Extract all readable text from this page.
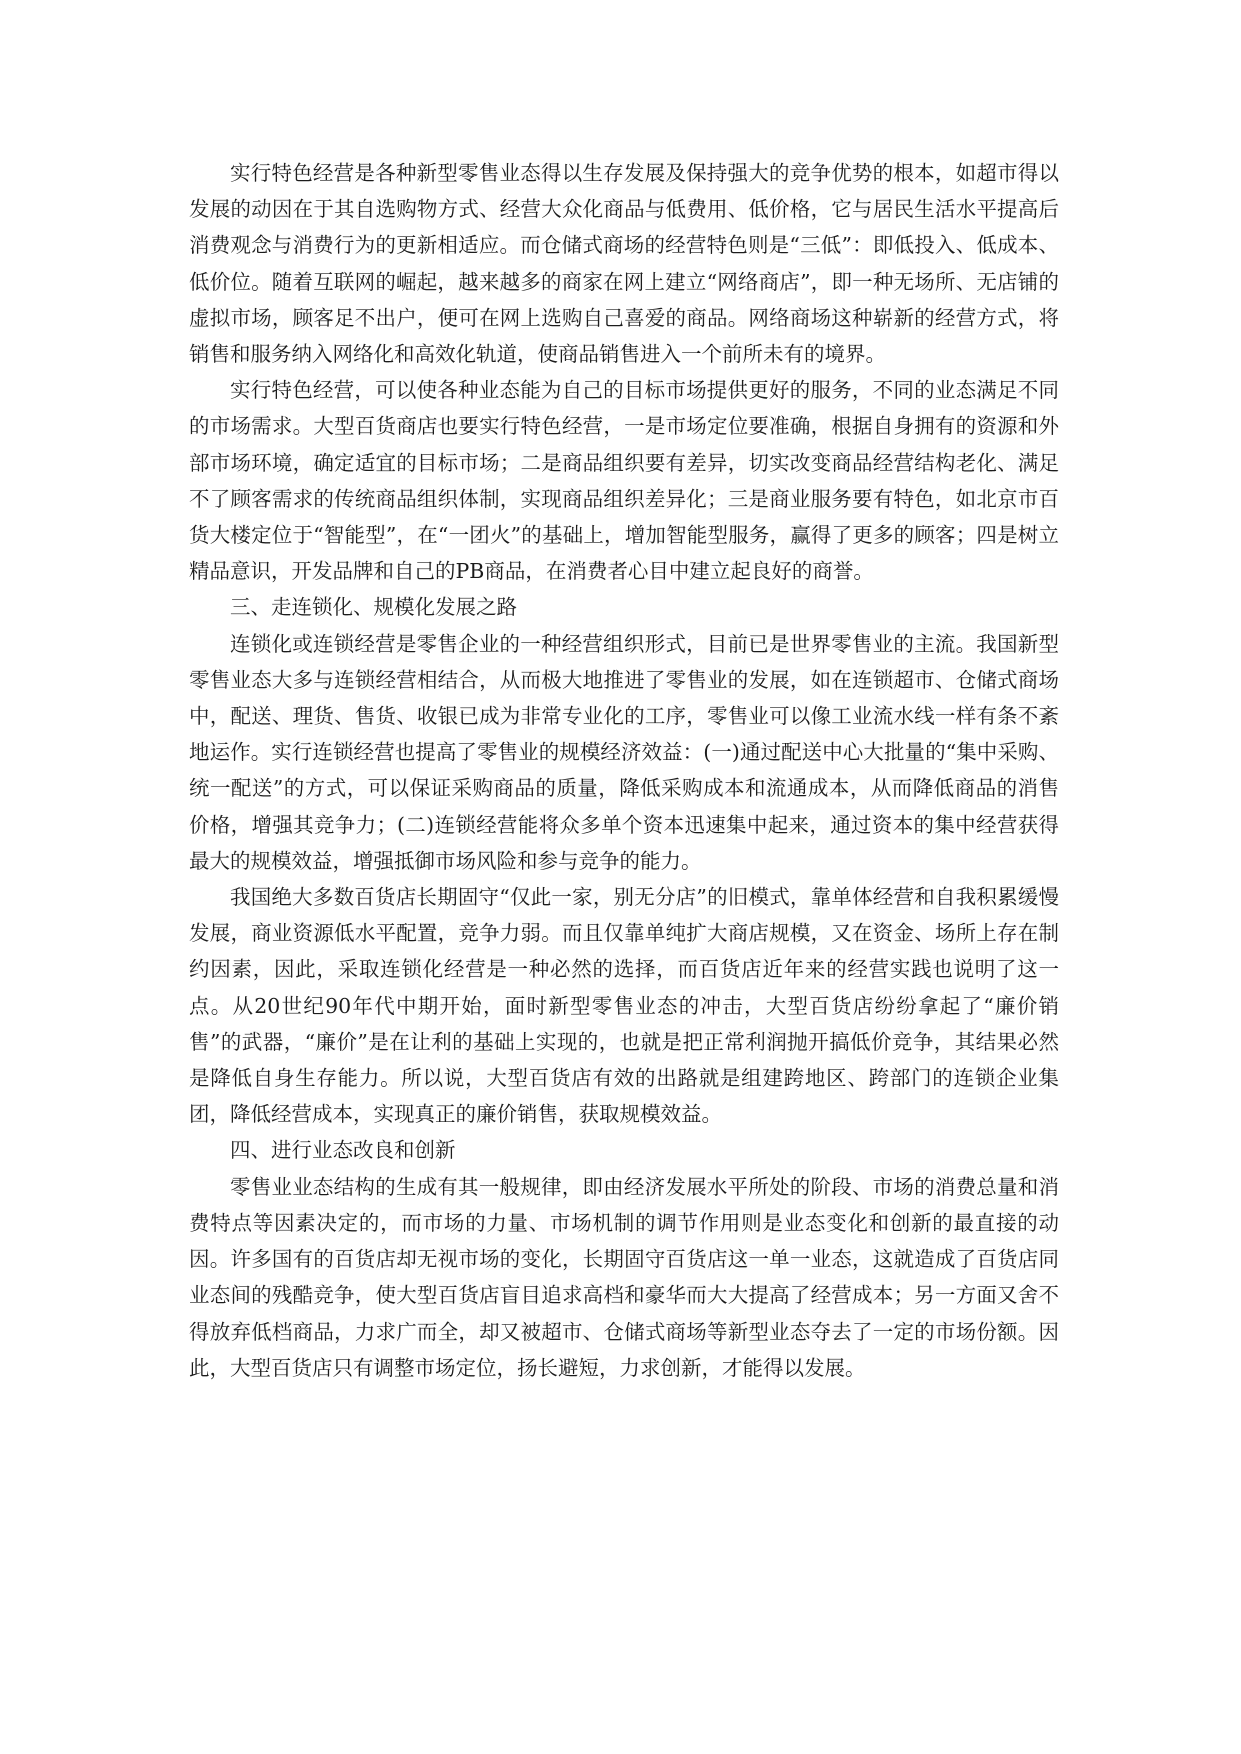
实行特色经营是各种新型零售业态得以生存发展及保持强大的竞争优势的根本，如超市得以发展的动因在于其自选购物方式、经营大众化商品与低费用、低价格，它与居民生活水平提高后消费观念与消费行为的更新相适应。而仓储式商场的经营特色则是“三低”：即低投入、低成本、低价位。随着互联网的崛起，越来越多的商家在网上建立“网络商店”，即一种无场所、无店铺的虚拟市场，顾客足不出户，便可在网上选购自己喜爱的商品。网络商场这种崭新的经营方式，将销售和服务纳入网络化和高效化轨道，使商品销售进入一个前所未有的境界。

实行特色经营，可以使各种业态能为自己的目标市场提供更好的服务，不同的业态满足不同的市场需求。大型百货商店也要实行特色经营，一是市场定位要准确，根据自身拥有的资源和外部市场环境，确定适宜的目标市场；二是商品组织要有差异，切实改变商品经营结构老化、满足不了顾客需求的传统商品组织体制，实现商品组织差异化；三是商业服务要有特色，如北京市百货大楼定位于“智能型”，在“一团火”的基础上，增加智能型服务，赢得了更多的顾客；四是树立精品意识，开发品牌和自己的PB商品，在消费者心目中建立起良好的商誉。

三、走连锁化、规模化发展之路

连锁化或连锁经营是零售企业的一种经营组织形式，目前已是世界零售业的主流。我国新型零售业态大多与连锁经营相结合，从而极大地推进了零售业的发展，如在连锁超市、仓储式商场中，配送、理货、售货、收银已成为非常专业化的工序，零售业可以像工业流水线一样有条不紊地运作。实行连锁经营也提高了零售业的规模经济效益：(一)通过配送中心大批量的“集中采购、统一配送”的方式，可以保证采购商品的质量，降低采购成本和流通成本，从而降低商品的消售价格，增强其竞争力；(二)连锁经营能将众多单个资本迅速集中起来，通过资本的集中经营获得最大的规模效益，增强抵御市场风险和参与竞争的能力。

我国绝大多数百货店长期固守“仅此一家，别无分店”的旧模式，靠单体经营和自我积累缓慢发展，商业资源低水平配置，竞争力弱。而且仅靠单纯扩大商店规模，又在资金、场所上存在制约因素，因此，采取连锁化经营是一种必然的选择，而百货店近年来的经营实践也说明了这一点。从20世纪90年代中期开始，面时新型零售业态的冲击，大型百货店纷纷拿起了“廉价销售”的武器，“廉价”是在让利的基础上实现的，也就是把正常利润抛开搞低价竞争，其结果必然是降低自身生存能力。所以说，大型百货店有效的出路就是组建跨地区、跨部门的连锁企业集团，降低经营成本，实现真正的廉价销售，获取规模效益。

四、进行业态改良和创新

零售业业态结构的生成有其一般规律，即由经济发展水平所处的阶段、市场的消费总量和消费特点等因素决定的，而市场的力量、市场机制的调节作用则是业态变化和创新的最直接的动因。许多国有的百货店却无视市场的变化，长期固守百货店这一单一业态，这就造成了百货店同业态间的残酷竞争，使大型百货店盲目追求高档和豪华而大大提高了经营成本；另一方面又舍不得放弃低档商品，力求广而全，却又被超市、仓储式商场等新型业态夺去了一定的市场份额。因此，大型百货店只有调整市场定位，扬长避短，力求创新，才能得以发展。
